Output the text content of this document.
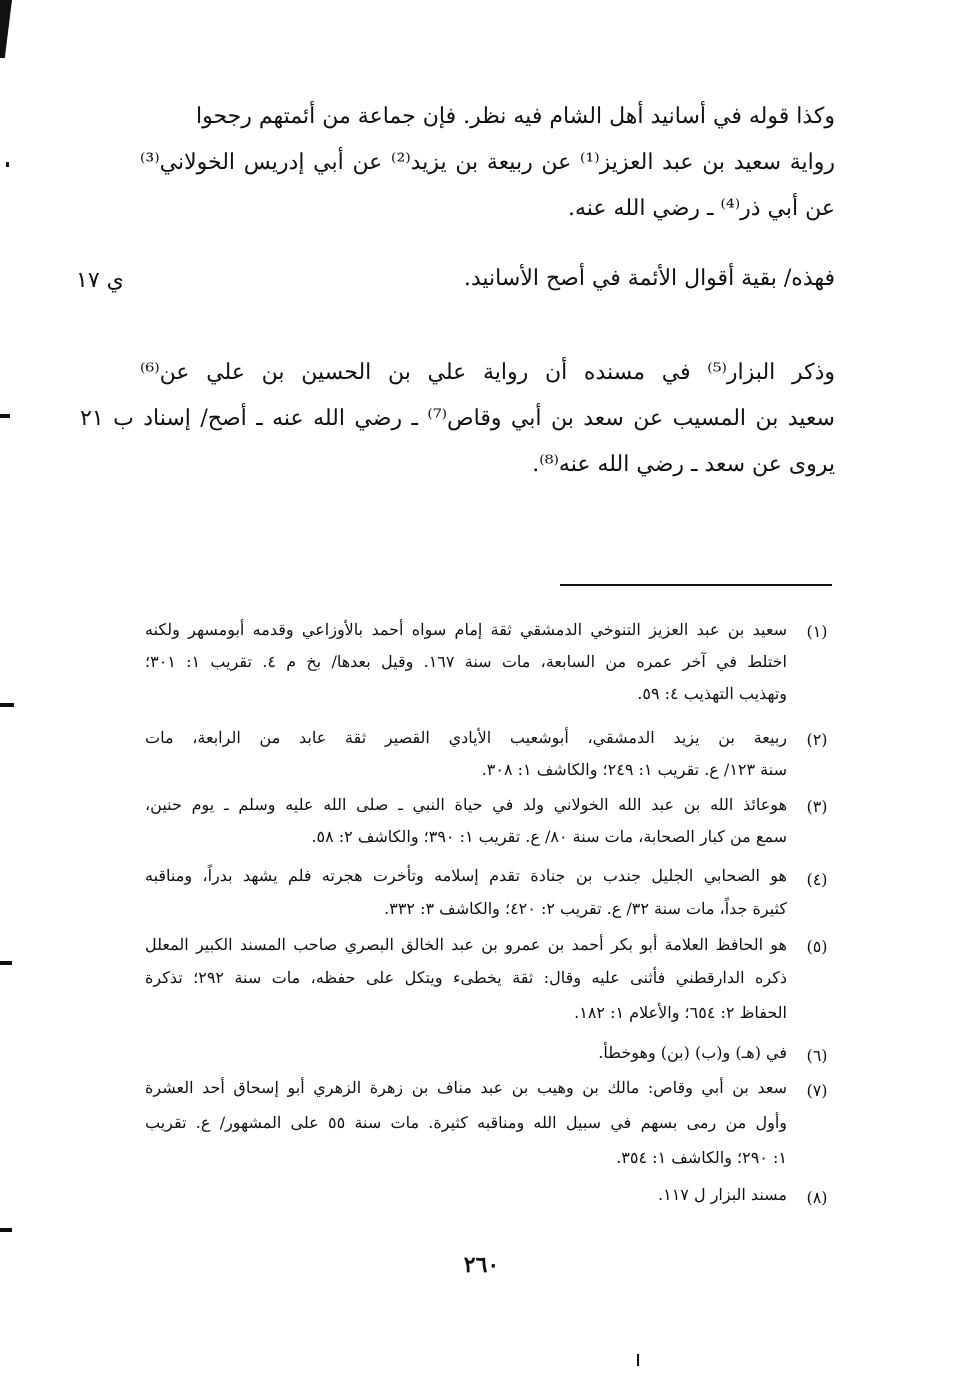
وكذا قوله في أسانيد أهل الشام فيه نظر. فإن جماعة من أئمتهم رجحوا
رواية سعيد بن عبد العزيز⁽¹⁾ عن ربيعة بن يزيد⁽²⁾ عن أبي إدريس الخولاني⁽³⁾
عن أبي ذر⁽⁴⁾ ـ رضي الله عنه.
فهذه/ بقية أقوال الأئمة في أصح الأسانيد.
ي ١٧
وذكر البزار⁽⁵⁾ في مسنده أن رواية علي بن الحسين بن علي عن⁽⁶⁾
سعيد بن المسيب عن سعد بن أبي وقاص⁽⁷⁾ ـ رضي الله عنه ـ أصح/ إسناد ب ٢١
يروى عن سعد ـ رضي الله عنه⁽⁸⁾.
(١)
سعيد بن عبد العزيز التنوخي الدمشقي ثقة إمام سواه أحمد بالأوزاعي وقدمه أبومسهر ولكنه
اختلط في آخر عمره من السابعة، مات سنة ١٦٧. وقيل بعدها/ بخ م ٤. تقريب ١: ٣٠١؛
وتهذيب التهذيب ٤: ٥٩.
(٢)
ربيعة بن يزيد الدمشقي، أبوشعيب الأيادي القصير ثقة عابد من الرابعة، مات
سنة ١٢٣/ ع. تقريب ١: ٢٤٩؛ والكاشف ١: ٣٠٨.
(٣)
هوعائذ الله بن عبد الله الخولاني ولد في حياة النبي ـ صلى الله عليه وسلم ـ يوم حنين،
سمع من كبار الصحابة، مات سنة ٨٠/ ع. تقريب ١: ٣٩٠؛ والكاشف ٢: ٥٨.
(٤)
هو الصحابي الجليل جندب بن جنادة تقدم إسلامه وتأخرت هجرته فلم يشهد بدراً، ومناقبه
كثيرة جداً، مات سنة ٣٢/ ع. تقريب ٢: ٤٢٠؛ والكاشف ٣: ٣٣٢.
(٥)
هو الحافظ العلامة أبو بكر أحمد بن عمرو بن عبد الخالق البصري صاحب المسند الكبير المعلل
ذكره الدارقطني فأثنى عليه وقال: ثقة يخطىء ويتكل على حفظه، مات سنة ٢٩٢؛ تذكرة
الحفاظ ٢: ٦٥٤؛ والأعلام ١: ١٨٢.
(٦)
في (هـ) و(ب) (بن) وهوخطأ.
(٧)
سعد بن أبي وقاص: مالك بن وهيب بن عبد مناف بن زهرة الزهري أبو إسحاق أحد العشرة
وأول من رمى بسهم في سبيل الله ومناقبه كثيرة. مات سنة ٥٥ على المشهور/ ع. تقريب
١: ٢٩٠؛ والكاشف ١: ٣٥٤.
(٨)
مسند البزار ل ١١٧.
٢٦٠
